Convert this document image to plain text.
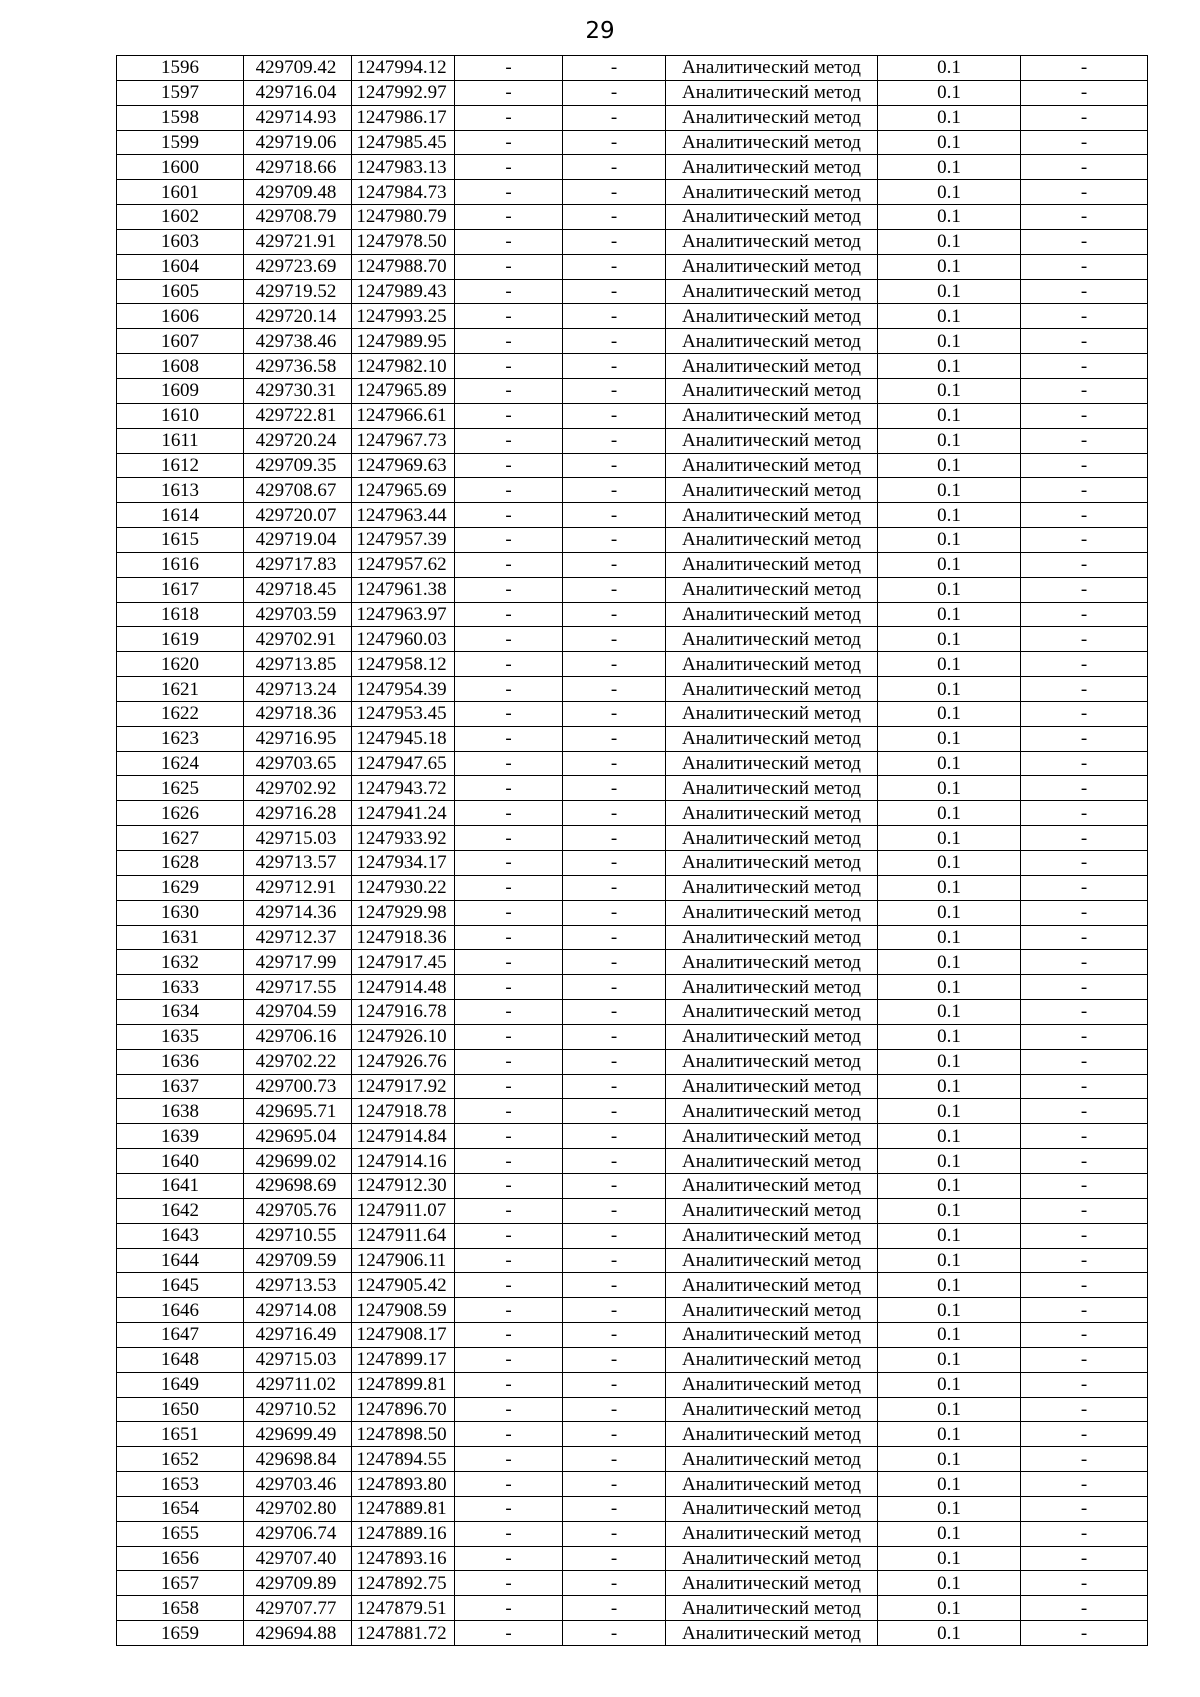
29
1596	429709.42	1247994.12	-	-	Аналитический метод	0.1	-
1597	429716.04	1247992.97	-	-	Аналитический метод	0.1	-
1598	429714.93	1247986.17	-	-	Аналитический метод	0.1	-
1599	429719.06	1247985.45	-	-	Аналитический метод	0.1	-
1600	429718.66	1247983.13	-	-	Аналитический метод	0.1	-
1601	429709.48	1247984.73	-	-	Аналитический метод	0.1	-
1602	429708.79	1247980.79	-	-	Аналитический метод	0.1	-
1603	429721.91	1247978.50	-	-	Аналитический метод	0.1	-
1604	429723.69	1247988.70	-	-	Аналитический метод	0.1	-
1605	429719.52	1247989.43	-	-	Аналитический метод	0.1	-
1606	429720.14	1247993.25	-	-	Аналитический метод	0.1	-
1607	429738.46	1247989.95	-	-	Аналитический метод	0.1	-
1608	429736.58	1247982.10	-	-	Аналитический метод	0.1	-
1609	429730.31	1247965.89	-	-	Аналитический метод	0.1	-
1610	429722.81	1247966.61	-	-	Аналитический метод	0.1	-
1611	429720.24	1247967.73	-	-	Аналитический метод	0.1	-
1612	429709.35	1247969.63	-	-	Аналитический метод	0.1	-
1613	429708.67	1247965.69	-	-	Аналитический метод	0.1	-
1614	429720.07	1247963.44	-	-	Аналитический метод	0.1	-
1615	429719.04	1247957.39	-	-	Аналитический метод	0.1	-
1616	429717.83	1247957.62	-	-	Аналитический метод	0.1	-
1617	429718.45	1247961.38	-	-	Аналитический метод	0.1	-
1618	429703.59	1247963.97	-	-	Аналитический метод	0.1	-
1619	429702.91	1247960.03	-	-	Аналитический метод	0.1	-
1620	429713.85	1247958.12	-	-	Аналитический метод	0.1	-
1621	429713.24	1247954.39	-	-	Аналитический метод	0.1	-
1622	429718.36	1247953.45	-	-	Аналитический метод	0.1	-
1623	429716.95	1247945.18	-	-	Аналитический метод	0.1	-
1624	429703.65	1247947.65	-	-	Аналитический метод	0.1	-
1625	429702.92	1247943.72	-	-	Аналитический метод	0.1	-
1626	429716.28	1247941.24	-	-	Аналитический метод	0.1	-
1627	429715.03	1247933.92	-	-	Аналитический метод	0.1	-
1628	429713.57	1247934.17	-	-	Аналитический метод	0.1	-
1629	429712.91	1247930.22	-	-	Аналитический метод	0.1	-
1630	429714.36	1247929.98	-	-	Аналитический метод	0.1	-
1631	429712.37	1247918.36	-	-	Аналитический метод	0.1	-
1632	429717.99	1247917.45	-	-	Аналитический метод	0.1	-
1633	429717.55	1247914.48	-	-	Аналитический метод	0.1	-
1634	429704.59	1247916.78	-	-	Аналитический метод	0.1	-
1635	429706.16	1247926.10	-	-	Аналитический метод	0.1	-
1636	429702.22	1247926.76	-	-	Аналитический метод	0.1	-
1637	429700.73	1247917.92	-	-	Аналитический метод	0.1	-
1638	429695.71	1247918.78	-	-	Аналитический метод	0.1	-
1639	429695.04	1247914.84	-	-	Аналитический метод	0.1	-
1640	429699.02	1247914.16	-	-	Аналитический метод	0.1	-
1641	429698.69	1247912.30	-	-	Аналитический метод	0.1	-
1642	429705.76	1247911.07	-	-	Аналитический метод	0.1	-
1643	429710.55	1247911.64	-	-	Аналитический метод	0.1	-
1644	429709.59	1247906.11	-	-	Аналитический метод	0.1	-
1645	429713.53	1247905.42	-	-	Аналитический метод	0.1	-
1646	429714.08	1247908.59	-	-	Аналитический метод	0.1	-
1647	429716.49	1247908.17	-	-	Аналитический метод	0.1	-
1648	429715.03	1247899.17	-	-	Аналитический метод	0.1	-
1649	429711.02	1247899.81	-	-	Аналитический метод	0.1	-
1650	429710.52	1247896.70	-	-	Аналитический метод	0.1	-
1651	429699.49	1247898.50	-	-	Аналитический метод	0.1	-
1652	429698.84	1247894.55	-	-	Аналитический метод	0.1	-
1653	429703.46	1247893.80	-	-	Аналитический метод	0.1	-
1654	429702.80	1247889.81	-	-	Аналитический метод	0.1	-
1655	429706.74	1247889.16	-	-	Аналитический метод	0.1	-
1656	429707.40	1247893.16	-	-	Аналитический метод	0.1	-
1657	429709.89	1247892.75	-	-	Аналитический метод	0.1	-
1658	429707.77	1247879.51	-	-	Аналитический метод	0.1	-
1659	429694.88	1247881.72	-	-	Аналитический метод	0.1	-
